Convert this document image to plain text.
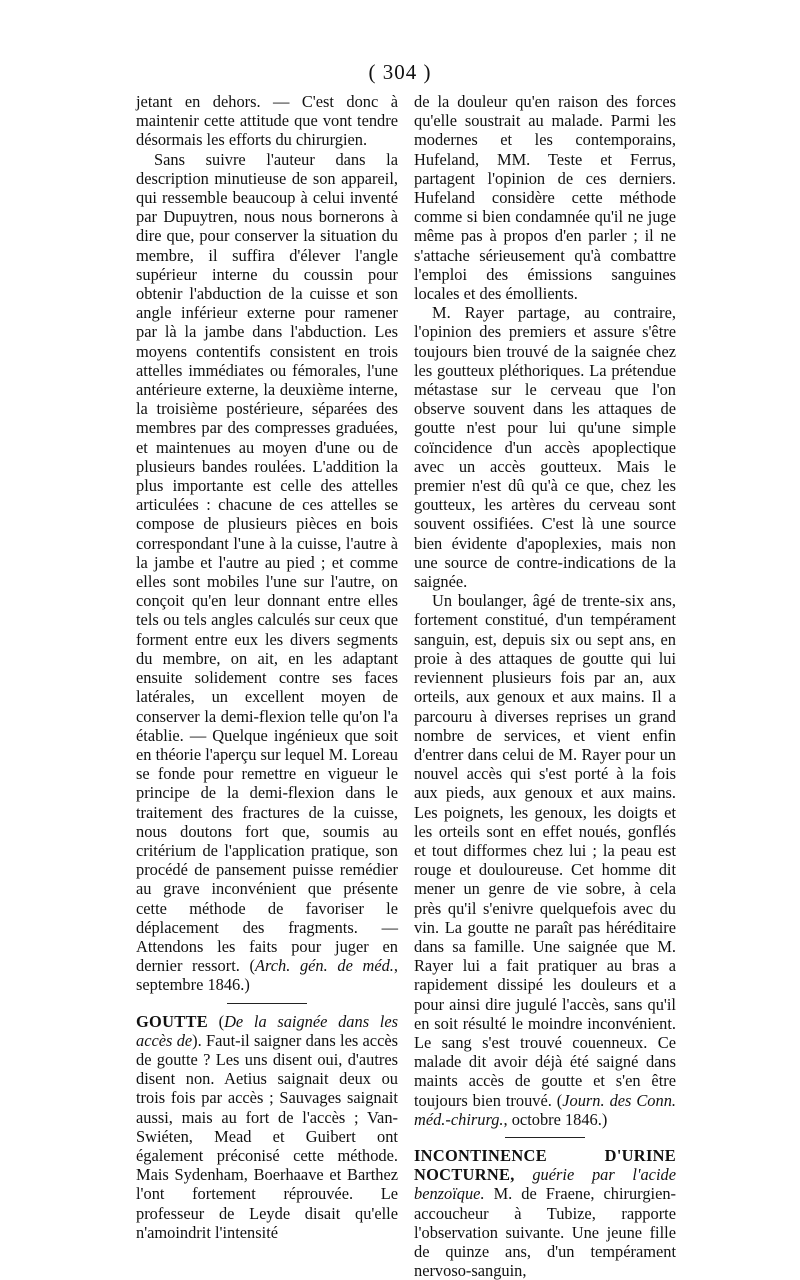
( 304 )

jetant en dehors. — C'est donc à maintenir cette attitude que vont tendre désormais les efforts du chirurgien.

Sans suivre l'auteur dans la description minutieuse de son appareil, qui ressemble beaucoup à celui inventé par Dupuytren, nous nous bornerons à dire que, pour conserver la situation du membre, il suffira d'élever l'angle supérieur interne du coussin pour obtenir l'abduction de la cuisse et son angle inférieur externe pour ramener par là la jambe dans l'abduction. Les moyens contentifs consistent en trois attelles immédiates ou fémorales, l'une antérieure externe, la deuxième interne, la troisième postérieure, séparées des membres par des compresses graduées, et maintenues au moyen d'une ou de plusieurs bandes roulées. L'addition la plus importante est celle des attelles articulées : chacune de ces attelles se compose de plusieurs pièces en bois correspondant l'une à la cuisse, l'autre à la jambe et l'autre au pied ; et comme elles sont mobiles l'une sur l'autre, on conçoit qu'en leur donnant entre elles tels ou tels angles calculés sur ceux que forment entre eux les divers segments du membre, on ait, en les adaptant ensuite solidement contre ses faces latérales, un excellent moyen de conserver la demi-flexion telle qu'on l'a établie. — Quelque ingénieux que soit en théorie l'aperçu sur lequel M. Loreau se fonde pour remettre en vigueur le principe de la demi-flexion dans le traitement des fractures de la cuisse, nous doutons fort que, soumis au critérium de l'application pratique, son procédé de pansement puisse remédier au grave inconvénient que présente cette méthode de favoriser le déplacement des fragments. — Attendons les faits pour juger en dernier ressort. (Arch. gén. de méd., septembre 1846.)

GOUTTE (De la saignée dans les accès de). Faut-il saigner dans les accès de goutte ? Les uns disent oui, d'autres disent non. Aetius saignait deux ou trois fois par accès ; Sauvages saignait aussi, mais au fort de l'accès ; Van-Swiéten, Mead et Guibert ont également préconisé cette méthode. Mais Sydenham, Boerhaave et Barthez l'ont fortement réprouvée. Le professeur de Leyde disait qu'elle n'amoindrit l'intensité

de la douleur qu'en raison des forces qu'elle soustrait au malade. Parmi les modernes et les contemporains, Hufeland, MM. Teste et Ferrus, partagent l'opinion de ces derniers. Hufeland considère cette méthode comme si bien condamnée qu'il ne juge même pas à propos d'en parler ; il ne s'attache sérieusement qu'à combattre l'emploi des émissions sanguines locales et des émollients.

M. Rayer partage, au contraire, l'opinion des premiers et assure s'être toujours bien trouvé de la saignée chez les goutteux pléthoriques. La prétendue métastase sur le cerveau que l'on observe souvent dans les attaques de goutte n'est pour lui qu'une simple coïncidence d'un accès apoplectique avec un accès goutteux. Mais le premier n'est dû qu'à ce que, chez les goutteux, les artères du cerveau sont souvent ossifiées. C'est là une source bien évidente d'apoplexies, mais non une source de contre-indications de la saignée.

Un boulanger, âgé de trente-six ans, fortement constitué, d'un tempérament sanguin, est, depuis six ou sept ans, en proie à des attaques de goutte qui lui reviennent plusieurs fois par an, aux orteils, aux genoux et aux mains. Il a parcouru à diverses reprises un grand nombre de services, et vient enfin d'entrer dans celui de M. Rayer pour un nouvel accès qui s'est porté à la fois aux pieds, aux genoux et aux mains. Les poignets, les genoux, les doigts et les orteils sont en effet noués, gonflés et tout difformes chez lui ; la peau est rouge et douloureuse. Cet homme dit mener un genre de vie sobre, à cela près qu'il s'enivre quelquefois avec du vin. La goutte ne paraît pas héréditaire dans sa famille. Une saignée que M. Rayer lui a fait pratiquer au bras a rapidement dissipé les douleurs et a pour ainsi dire jugulé l'accès, sans qu'il en soit résulté le moindre inconvénient. Le sang s'est trouvé couenneux. Ce malade dit avoir déjà été saigné dans maints accès de goutte et s'en être toujours bien trouvé. (Journ. des Conn. méd.-chirurg., octobre 1846.)

INCONTINENCE D'URINE NOCTURNE, guérie par l'acide benzoïque. M. de Fraene, chirurgien-accoucheur à Tubize, rapporte l'observation suivante. Une jeune fille de quinze ans, d'un tempérament nervoso-sanguin,
